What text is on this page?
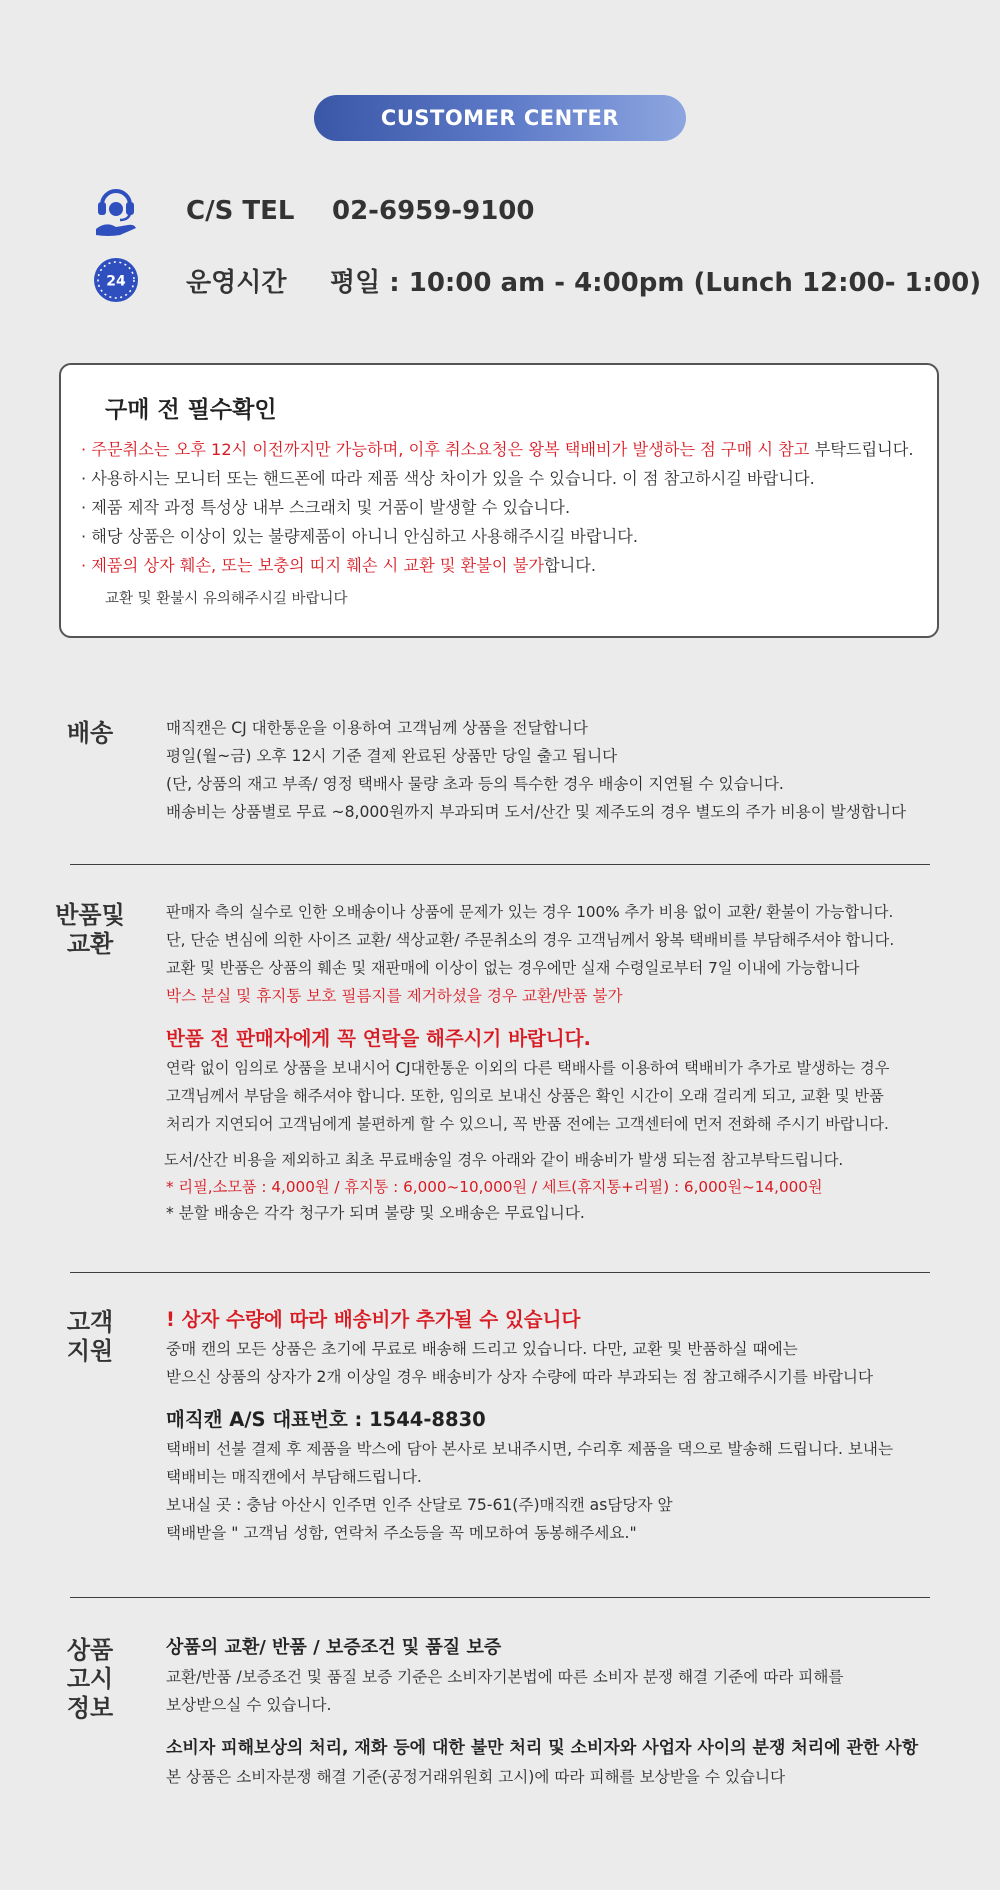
CUSTOMER CENTER
C/S TEL 02-6959-9100
24 운영시간 평일 : 10:00 am - 4:00pm (Lunch 12:00- 1:00)
구매 전 필수확인
· 주문취소는 오후 12시 이전까지만 가능하며, 이후 취소요청은 왕복 택배비가 발생하는 점 구매 시 참고 부탁드립니다.
· 사용하시는 모니터 또는 핸드폰에 따라 제품 색상 차이가 있을 수 있습니다. 이 점 참고하시길 바랍니다.
· 제품 제작 과정 특성상 내부 스크래치 및 거품이 발생할 수 있습니다.
· 해당 상품은 이상이 있는 불량제품이 아니니 안심하고 사용해주시길 바랍니다.
· 제품의 상자 훼손, 또는 보충의 띠지 훼손 시 교환 및 환불이 불가합니다.
교환 및 환불시 유의해주시길 바랍니다
배송	매직캔은 CJ 대한통운을 이용하여 고객님께 상품을 전달합니다

평일(월~금) 오후 12시 기준 결제 완료된 상품만 당일 출고 됩니다

(단, 상품의 재고 부족/ 영정 택배사 물량 초과 등의 특수한 경우 배송이 지연될 수 있습니다.

배송비는 상품별로 무료 ~8,000원까지 부과되며 도서/산간 및 제주도의 경우 별도의 주가 비용이 발생합니다

반품및
교환

판매자 측의 실수로 인한 오배송이나 상품에 문제가 있는 경우 100% 추가 비용 없이 교환/ 환불이 가능합니다.

단, 단순 변심에 의한 사이즈 교환/ 색상교환/ 주문취소의 경우 고객님께서 왕복 택배비를 부담해주셔야 합니다.

교환 및 반품은 상품의 훼손 및 재판매에 이상이 없는 경우에만 실재 수령일로부터 7일 이내에 가능합니다

박스 분실 및 휴지통 보호 필름지를 제거하셨을 경우 교환/반품 불가

반품 전 판매자에게 꼭 연락을 해주시기 바랍니다.

연락 없이 임의로 상품을 보내시어 CJ대한통운 이외의 다른 택배사를 이용하여 택배비가 추가로 발생하는 경우

고객님께서 부담을 해주셔야 합니다. 또한, 임의로 보내신 상품은 확인 시간이 오래 걸리게 되고, 교환 및 반품

처리가 지연되어 고객님에게 불편하게 할 수 있으니, 꼭 반품 전에는 고객센터에 먼저 전화해 주시기 바랍니다.

도서/산간 비용을 제외하고 최초 무료배송일 경우 아래와 같이 배송비가 발생 되는점 참고부탁드립니다.

* 리필,소모품 : 4,000원 / 휴지통 : 6,000~10,000원 / 세트(휴지통+리필) : 6,000원~14,000원

* 분할 배송은 각각 청구가 되며 불량 및 오배송은 무료입니다.

고객
지원

! 상자 수량에 따라 배송비가 추가될 수 있습니다

중매 캔의 모든 상품은 초기에 무료로 배송해 드리고 있습니다. 다만, 교환 및 반품하실 때에는

받으신 상품의 상자가 2개 이상일 경우 배송비가 상자 수량에 따라 부과되는 점 참고해주시기를 바랍니다

매직캔 A/S 대표번호 : 1544-8830

택배비 선불 결제 후 제품을 박스에 담아 본사로 보내주시면, 수리후 제품을 댁으로 발송해 드립니다. 보내는

택배비는 매직캔에서 부담해드립니다.

보내실 곳 : 충남 아산시 인주면 인주 산달로 75-61(주)매직캔 as담당자 앞

택배받을 " 고객님 성함, 연락처 주소등을 꼭 메모하여 동봉해주세요."

상품
고시
정보

상품의 교환/ 반품 / 보증조건 및 품질 보증

교환/반품 /보증조건 및 품질 보증 기준은 소비자기본법에 따른 소비자 분쟁 해결 기준에 따라 피해를

보상받으실 수 있습니다.

소비자 피해보상의 처리, 재화 등에 대한 불만 처리 및 소비자와 사업자 사이의 분쟁 처리에 관한 사항

본 상품은 소비자분쟁 해결 기준(공정거래위원회 고시)에 따라 피해를 보상받을 수 있습니다
